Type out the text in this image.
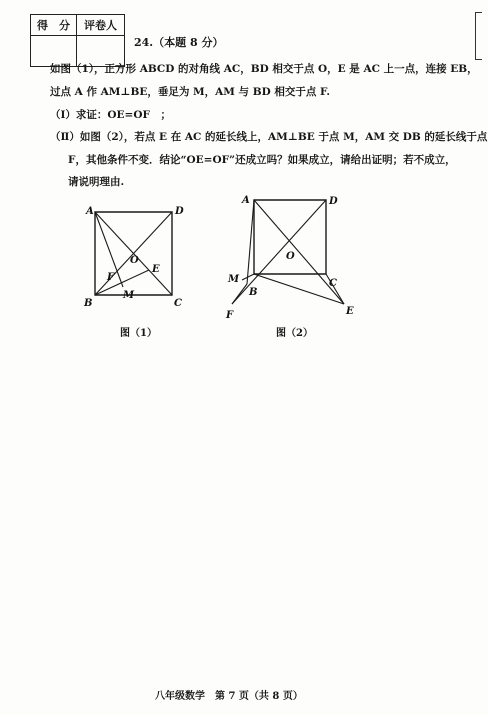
得　分	评卷人

24.（本题 8 分）
如图（1），正方形 ABCD 的对角线 AC，BD 相交于点 O，E 是 AC 上一点，连接 EB，
过点 A 作 AM⊥BE，垂足为 M，AM 与 BD 相交于点 F.
（Ⅰ）求证：OE=OF　；
（Ⅱ）如图（2），若点 E 在 AC 的延长线上，AM⊥BE 于点 M，AM 交 DB 的延长线于点
F，其他条件不变．结论“OE=OF”还成立吗？如果成立，请给出证明；若不成立，
请说明理由.
A	D
B	C
O
E
F
M
图（1）
A	D
O
M
B
C
F	E
图（2）
八年级数学　第 7 页（共 8 页）
